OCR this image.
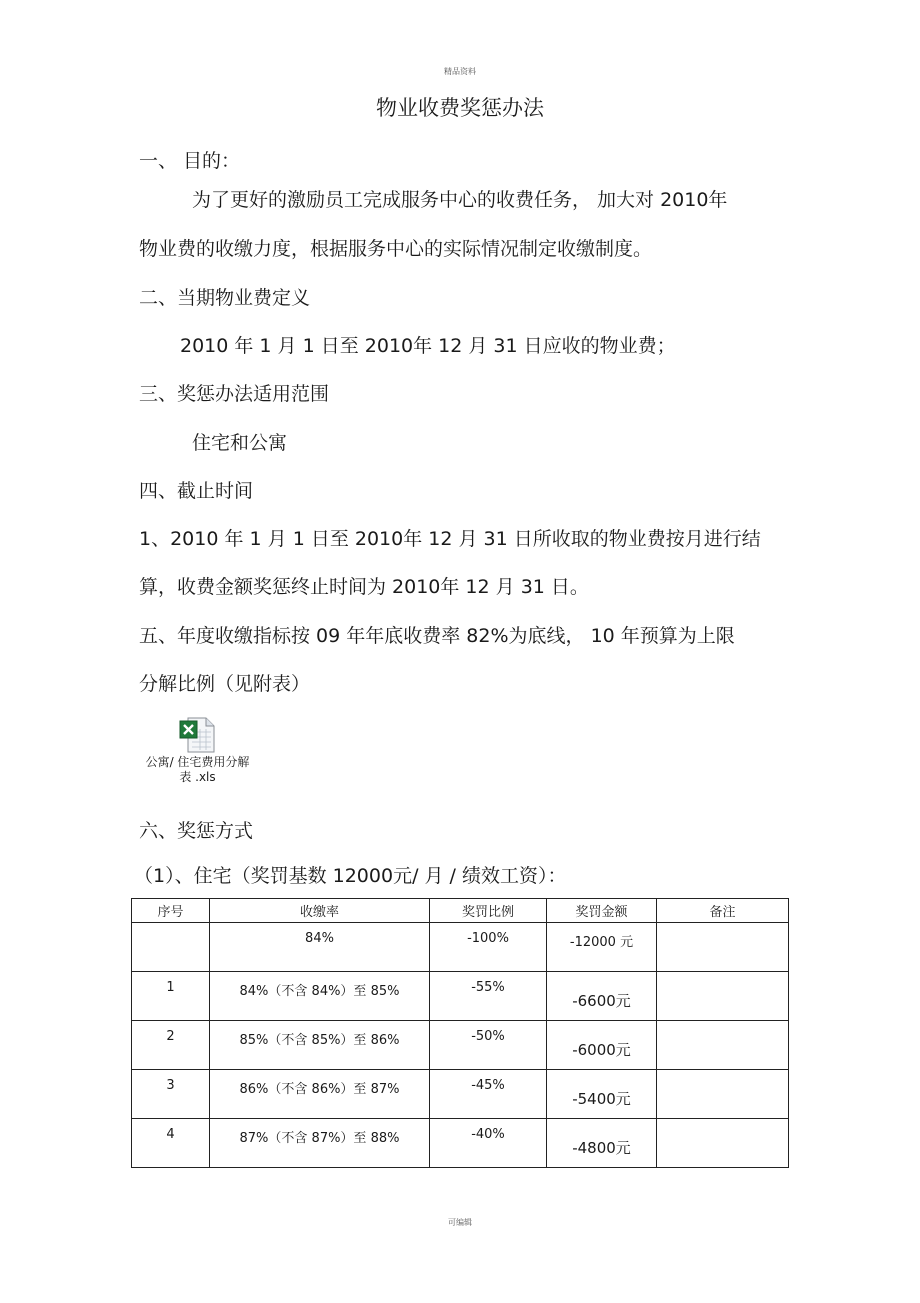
精品资料
物业收费奖惩办法
一、 目的：
为了更好的激励员工完成服务中心的收费任务， 加大对 2010年
物业费的收缴力度，根据服务中心的实际情况制定收缴制度。
二、当期物业费定义
2010 年 1 月 1 日至 2010年 12 月 31 日应收的物业费；
三、奖惩办法适用范围
住宅和公寓
四、截止时间
1、2010 年 1 月 1 日至 2010年 12 月 31 日所收取的物业费按月进行结
算，收费金额奖惩终止时间为 2010年 12 月 31 日。
五、年度收缴指标按 09 年年底收费率 82%为底线， 10 年预算为上限
分解比例（见附表）
公寓/ 住宅费用分解表 .xls
六、奖惩方式
（1）、住宅（奖罚基数 12000元/ 月 / 绩效工资）：
序号	收缴率	奖罚比例	奖罚金额	备注

	84%	-100%	-12000 元	

1	84%（不含 84%）至 85%	-55%	-6600元	

2	85%（不含 85%）至 86%	-50%	-6000元	

3	86%（不含 86%）至 87%	-45%	-5400元	

4	87%（不含 87%）至 88%	-40%	-4800元	

可编辑
